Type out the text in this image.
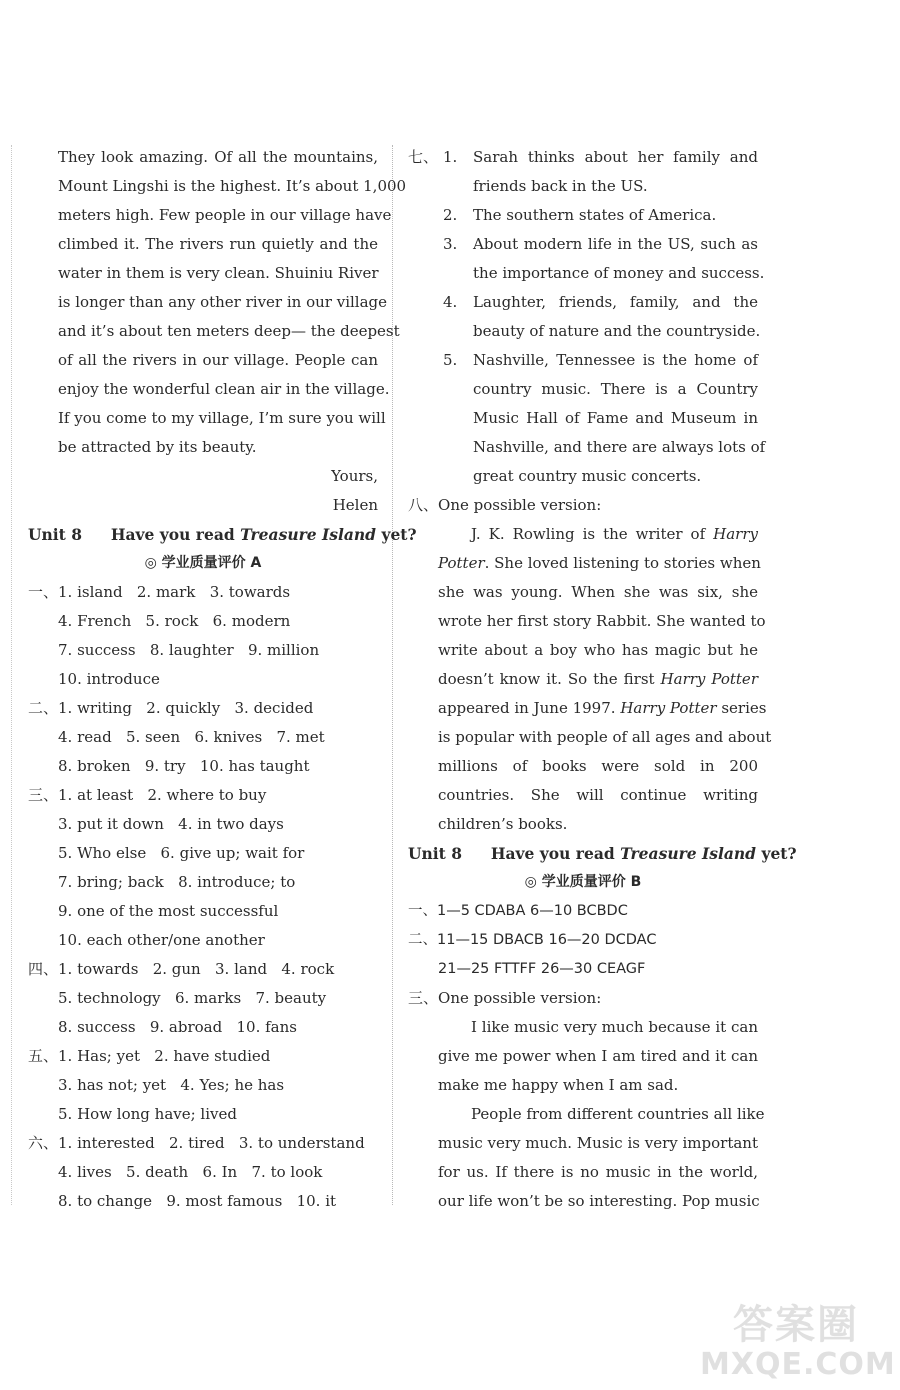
They look amazing. Of all the mountains,
Mount Lingshi is the highest. It’s about 1,000
meters high. Few people in our village have
climbed it. The rivers run quietly and the
water in them is very clean. Shuiniu River
is longer than any other river in our village
and it’s about ten meters deep— the deepest
of all the rivers in our village. People can
enjoy the wonderful clean air in the village.
If you come to my village, I’m sure you will
be attracted by its beauty.
Yours,
Helen
Unit 8 Have you read Treasure Island yet?
◎ 学业质量评价 A
一、1. island   2. mark   3. towards
4. French   5. rock   6. modern
7. success   8. laughter   9. million
10. introduce
二、1. writing   2. quickly   3. decided
4. read   5. seen   6. knives   7. met
8. broken   9. try   10. has taught
三、1. at least   2. where to buy
3. put it down   4. in two days
5. Who else   6. give up; wait for
7. bring; back   8. introduce; to
9. one of the most successful
10. each other/one another
四、1. towards   2. gun   3. land   4. rock
5. technology   6. marks   7. beauty
8. success   9. abroad   10. fans
五、1. Has; yet   2. have studied
3. has not; yet   4. Yes; he has
5. How long have; lived
六、1. interested   2. tired   3. to understand
4. lives   5. death   6. In   7. to look
8. to change   9. most famous   10. it
七、 1. Sarah thinks about her family and
friends back in the US.
2. The southern states of America.
3. About modern life in the US, such as
the importance of money and success.
4. Laughter, friends, family, and the
beauty of nature and the countryside.
5. Nashville, Tennessee is the home of
country music. There is a Country
Music Hall of Fame and Museum in
Nashville, and there are always lots of
great country music concerts.
八、One possible version:
J. K. Rowling is the writer of Harry
Potter. She loved listening to stories when
she was young. When she was six, she
wrote her first story Rabbit. She wanted to
write about a boy who has magic but he
doesn’t know it. So the first Harry Potter
appeared in June 1997. Harry Potter series
is popular with people of all ages and about
millions of books were sold in 200
countries. She will continue writing
children’s books.
Unit 8 Have you read Treasure Island yet?
◎ 学业质量评价 B
一、1—5 CDABA 6—10 BCBDC
二、11—15 DBACB 16—20 DCDAC
21—25 FTTFF 26—30 CEAGF
三、One possible version:
I like music very much because it can
give me power when I am tired and it can
make me happy when I am sad.
People from different countries all like
music very much. Music is very important
for us. If there is no music in the world,
our life won’t be so interesting. Pop music
答案圈
MXQE.COM
